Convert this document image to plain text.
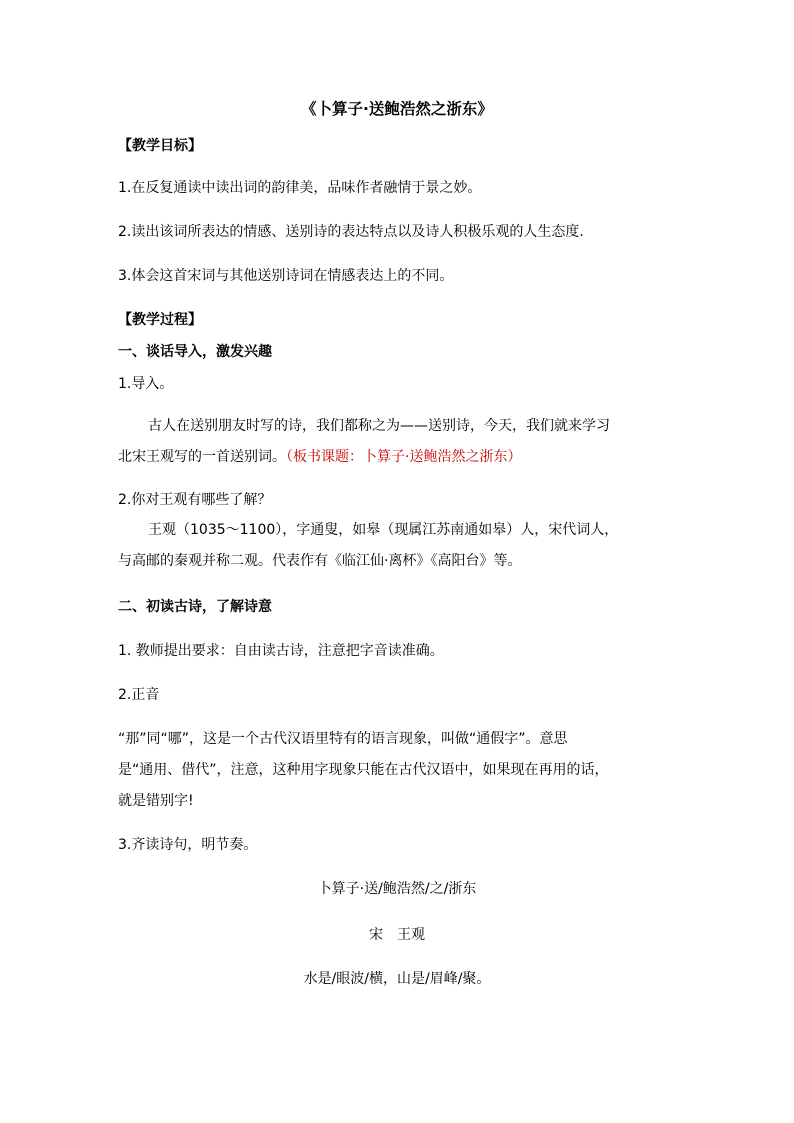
《卜算子·送鲍浩然之浙东》
【教学目标】
1.在反复通读中读出词的韵律美，品味作者融情于景之妙。
2.读出该词所表达的情感、送别诗的表达特点以及诗人积极乐观的人生态度.
3.体会这首宋词与其他送别诗词在情感表达上的不同。
【教学过程】
一、谈话导入，激发兴趣
1.导入。
古人在送别朋友时写的诗，我们都称之为——送别诗，今天，我们就来学习
北宋王观写的一首送别词。（板书课题：卜算子·送鲍浩然之浙东）
2.你对王观有哪些了解？
王观（1035～1100），字通叟，如皋（现属江苏南通如皋）人，宋代词人，
与高邮的秦观并称二观。代表作有《临江仙·离杯》《高阳台》等。
二、初读古诗，了解诗意
1. 教师提出要求：自由读古诗，注意把字音读准确。
2.正音
“那”同“哪”，这是一个古代汉语里特有的语言现象，叫做“通假字”。意思
是“通用、借代”，注意，这种用字现象只能在古代汉语中，如果现在再用的话，
就是错别字!
3.齐读诗句，明节奏。
卜算子·送/鲍浩然/之/浙东
宋　王观
水是/眼波/横，山是/眉峰/聚。
